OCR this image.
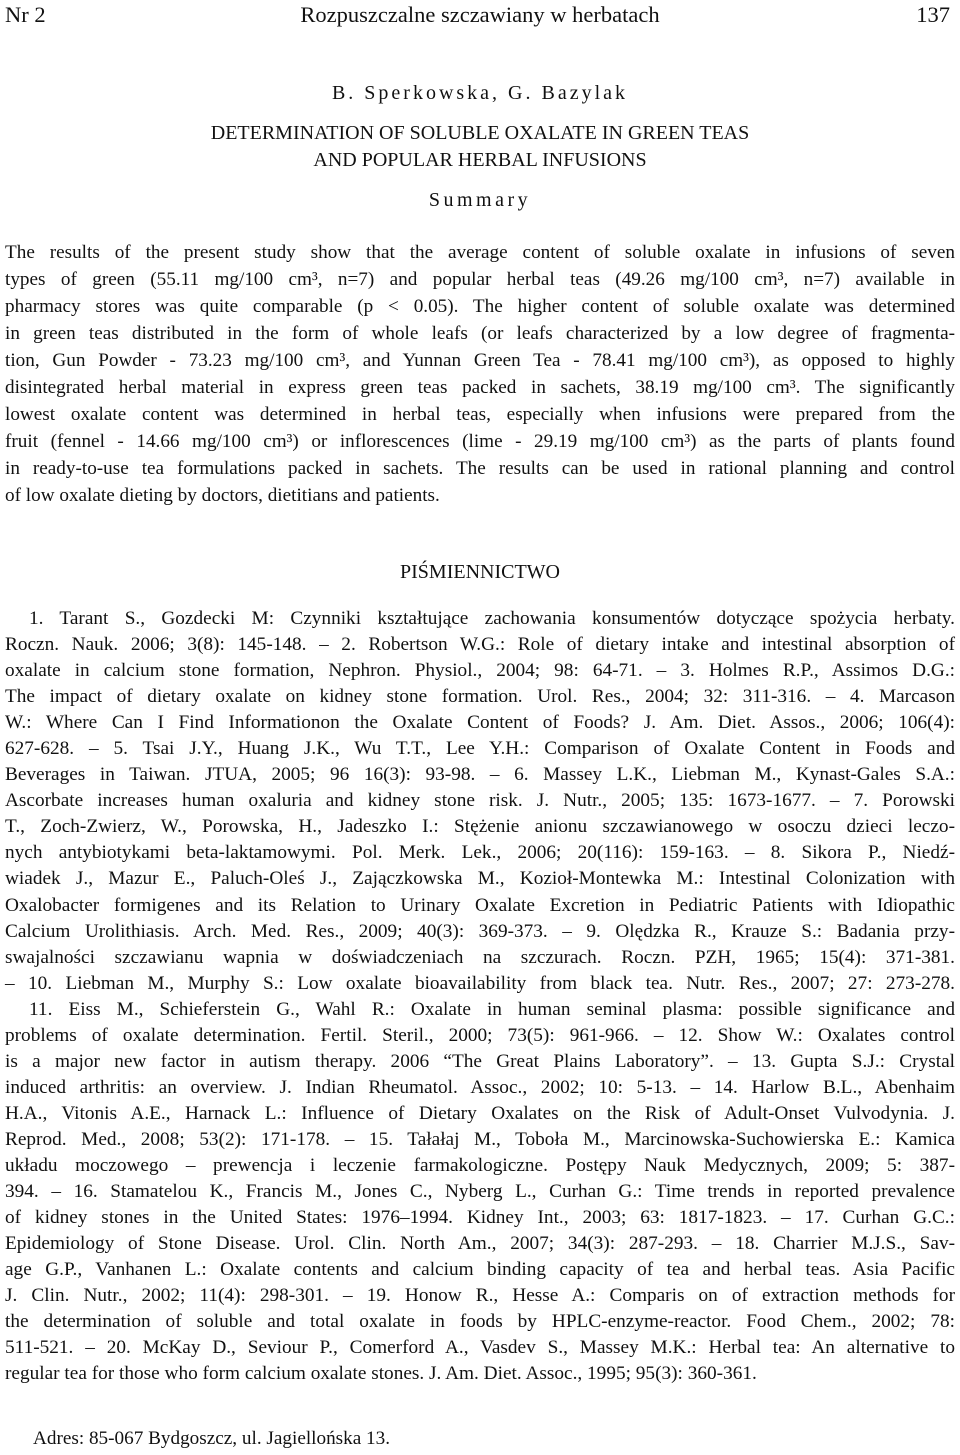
Nr 2	Rozpuszczalne szczawiany w herbatach	137
B. Sperkowska, G. Bazylak
DETERMINATION OF SOLUBLE OXALATE IN GREEN TEAS
AND POPULAR HERBAL INFUSIONS
Summary
The results of the present study show that the average content of soluble oxalate in infusions of seven
types of green (55.11 mg/100 cm³, n=7) and popular herbal teas (49.26 mg/100 cm³, n=7) available in
pharmacy stores was quite comparable (p < 0.05). The higher content of soluble oxalate was determined
in green teas distributed in the form of whole leafs (or leafs characterized by a low degree of fragmenta-
tion, Gun Powder - 73.23 mg/100 cm³, and Yunnan Green Tea - 78.41 mg/100 cm³), as opposed to highly
disintegrated herbal material in express green teas packed in sachets, 38.19 mg/100 cm³. The significantly
lowest oxalate content was determined in herbal teas, especially when infusions were prepared from the
fruit (fennel - 14.66 mg/100 cm³) or inflorescences (lime - 29.19 mg/100 cm³) as the parts of plants found
in ready-to-use tea formulations packed in sachets. The results can be used in rational planning and control
of low oxalate dieting by doctors, dietitians and patients.
PIŚMIENNICTWO
1. Tarant S., Gozdecki M: Czynniki kształtujące zachowania konsumentów dotyczące spożycia herbaty.
Roczn. Nauk. 2006; 3(8): 145-148. – 2. Robertson W.G.: Role of dietary intake and intestinal absorption of
oxalate in calcium stone formation, Nephron. Physiol., 2004; 98: 64-71. – 3. Holmes R.P., Assimos D.G.:
The impact of dietary oxalate on kidney stone formation. Urol. Res., 2004; 32: 311-316. – 4. Marcason
W.: Where Can I Find Informationon the Oxalate Content of Foods? J. Am. Diet. Assos., 2006; 106(4):
627-628. – 5. Tsai J.Y., Huang J.K., Wu T.T., Lee Y.H.: Comparison of Oxalate Content in Foods and
Beverages in Taiwan. JTUA, 2005; 96 16(3): 93-98. – 6. Massey L.K., Liebman M., Kynast-Gales S.A.:
Ascorbate increases human oxaluria and kidney stone risk. J. Nutr., 2005; 135: 1673-1677. – 7. Porowski
T., Zoch-Zwierz, W., Porowska, H., Jadeszko I.: Stężenie anionu szczawianowego w osoczu dzieci leczo-
nych antybiotykami beta-laktamowymi. Pol. Merk. Lek., 2006; 20(116): 159-163. – 8. Sikora P., Niedź-
wiadek J., Mazur E., Paluch-Oleś J., Zajączkowska M., Kozioł-Montewka M.: Intestinal Colonization with
Oxalobacter formigenes and its Relation to Urinary Oxalate Excretion in Pediatric Patients with Idiopathic
Calcium Urolithiasis. Arch. Med. Res., 2009; 40(3): 369-373. – 9. Olędzka R., Krauze S.: Badania przy-
swajalności szczawianu wapnia w doświadczeniach na szczurach. Roczn. PZH, 1965; 15(4): 371-381.
– 10. Liebman M., Murphy S.: Low oxalate bioavailability from black tea. Nutr. Res., 2007; 27: 273-278.
11. Eiss M., Schieferstein G., Wahl R.: Oxalate in human seminal plasma: possible significance and
problems of oxalate determination. Fertil. Steril., 2000; 73(5): 961-966. – 12. Show W.: Oxalates control
is a major new factor in autism therapy. 2006 “The Great Plains Laboratory”. – 13. Gupta S.J.: Crystal
induced arthritis: an overview. J. Indian Rheumatol. Assoc., 2002; 10: 5-13. – 14. Harlow B.L., Abenhaim
H.A., Vitonis A.E., Harnack L.: Influence of Dietary Oxalates on the Risk of Adult-Onset Vulvodynia. J.
Reprod. Med., 2008; 53(2): 171-178. – 15. Tałałaj M., Toboła M., Marcinowska-Suchowierska E.: Kamica
układu moczowego – prewencja i leczenie farmakologiczne. Postępy Nauk Medycznych, 2009; 5: 387-
394. – 16. Stamatelou K., Francis M., Jones C., Nyberg L., Curhan G.: Time trends in reported prevalence
of kidney stones in the United States: 1976–1994. Kidney Int., 2003; 63: 1817-1823. – 17. Curhan G.C.:
Epidemiology of Stone Disease. Urol. Clin. North Am., 2007; 34(3): 287-293. – 18. Charrier M.J.S., Sav-
age G.P., Vanhanen L.: Oxalate contents and calcium binding capacity of tea and herbal teas. Asia Pacific
J. Clin. Nutr., 2002; 11(4): 298-301. – 19. Honow R., Hesse A.: Comparis on of extraction methods for
the determination of soluble and total oxalate in foods by HPLC-enzyme-reactor. Food Chem., 2002; 78:
511-521. – 20. McKay D., Seviour P., Comerford A., Vasdev S., Massey M.K.: Herbal tea: An alternative to
regular tea for those who form calcium oxalate stones. J. Am. Diet. Assoc., 1995; 95(3): 360-361.
Adres: 85-067 Bydgoszcz, ul. Jagiellońska 13.
